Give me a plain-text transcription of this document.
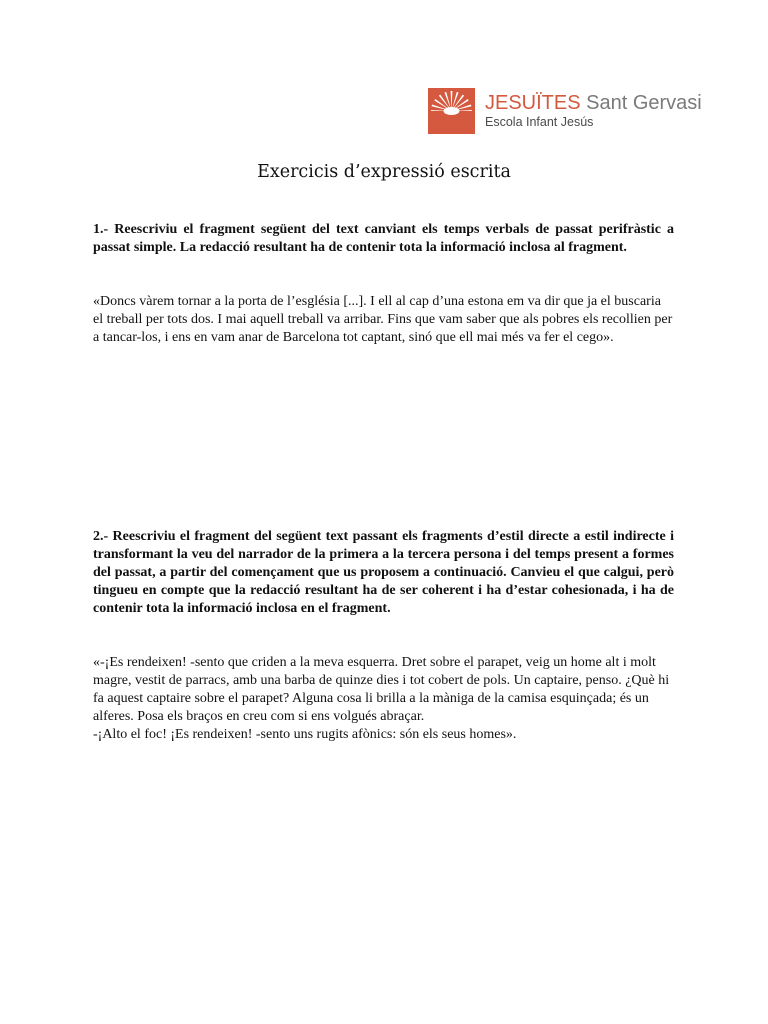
JESUÏTES Sant Gervasi
Escola Infant Jesús
Exercicis d’expressió escrita

1.- Reescriviu el fragment següent del text canviant els temps verbals de passat perifràstic a passat simple. La redacció resultant ha de contenir tota la informació inclosa al fragment.

«Doncs vàrem tornar a la porta de l’església [...]. I ell al cap d’una estona em va dir que ja el buscaria el treball per tots dos. I mai aquell treball va arribar. Fins que vam saber que als pobres els recollien per a tancar-los, i ens en vam anar de Barcelona tot captant, sinó que ell mai més va fer el cego».

2.- Reescriviu el fragment del següent text passant els fragments d’estil directe a estil indirecte i transformant la veu del narrador de la primera a la tercera persona i del temps present a formes del passat, a partir del començament que us proposem a continuació. Canvieu el que calgui, però tingueu en compte que la redacció resultant ha de ser coherent i ha d’estar cohesionada, i ha de contenir tota la informació inclosa en el fragment.

«-¡Es rendeixen! -sento que criden a la meva esquerra. Dret sobre el parapet, veig un home alt i molt magre, vestit de parracs, amb una barba de quinze dies i tot cobert de pols. Un captaire, penso. ¿Què hi fa aquest captaire sobre el parapet? Alguna cosa li brilla a la màniga de la camisa esquinçada; és un alferes. Posa els braços en creu com si ens volgués abraçar.

-¡Alto el foc! ¡Es rendeixen! -sento uns rugits afònics: són els seus homes».
